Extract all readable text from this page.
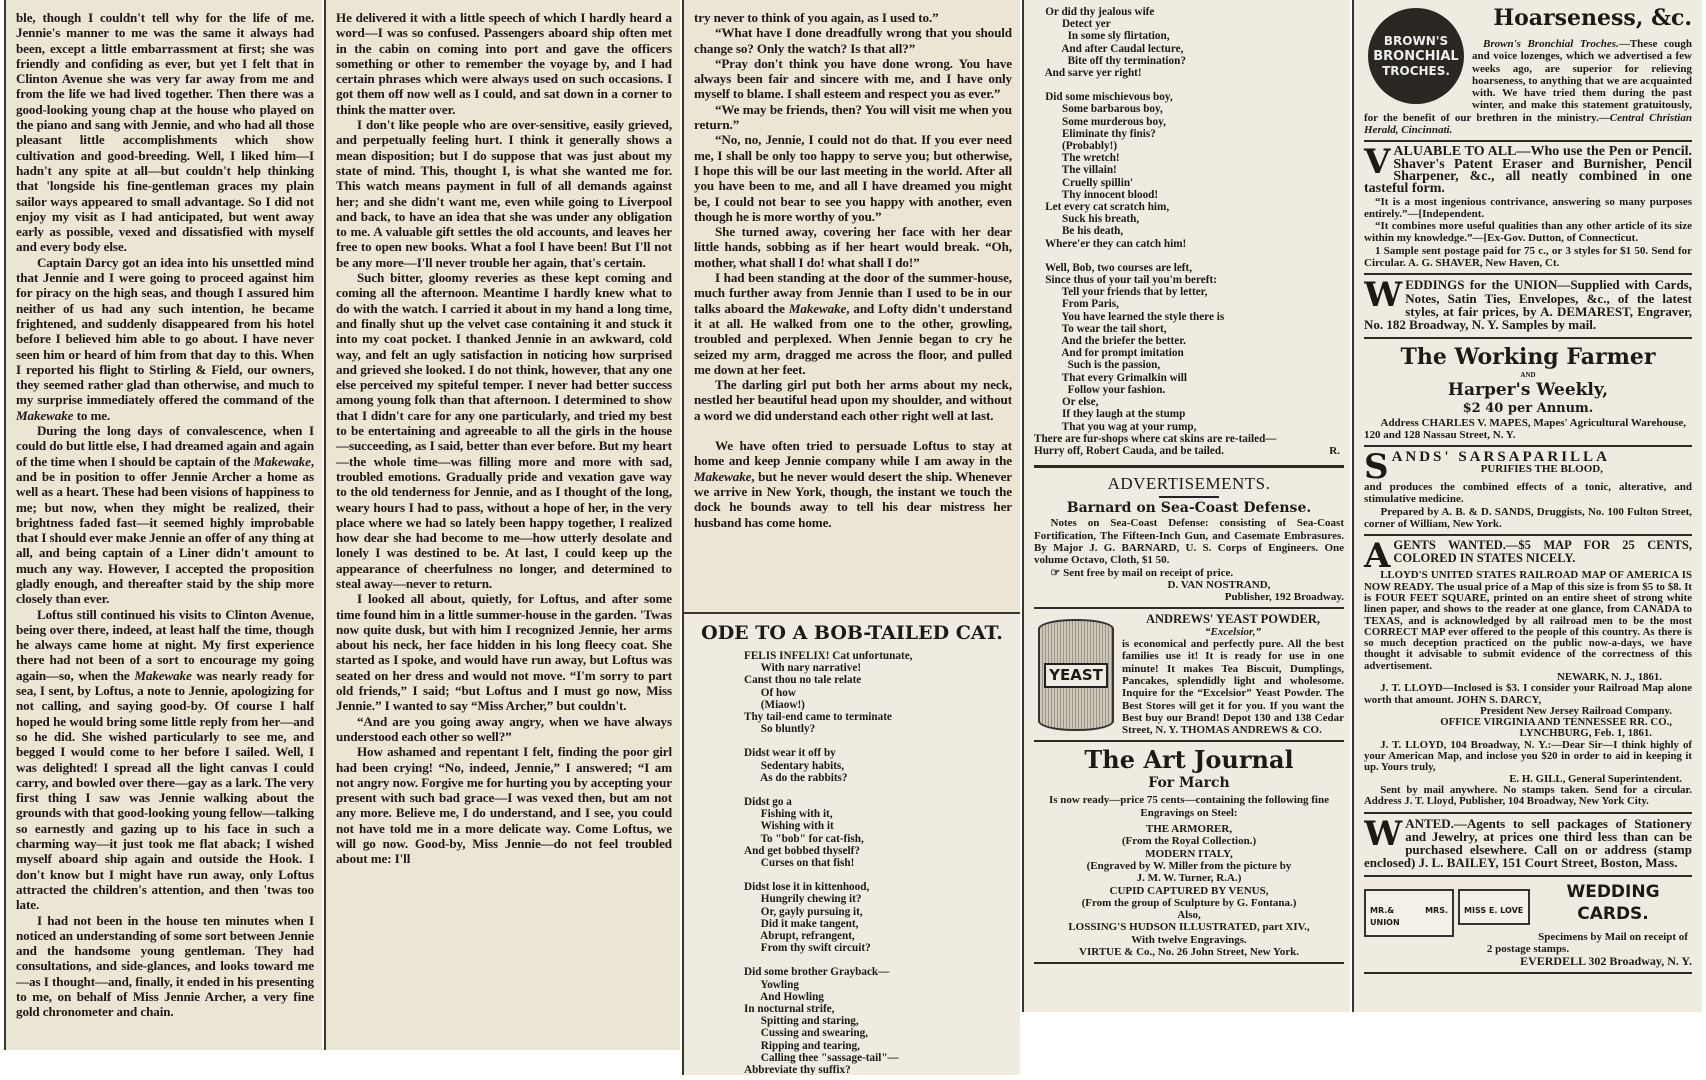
ble, though I couldn't tell why for the life of me. Jennie's manner to me was the same it always had been, except a little embarrassment at first; she was friendly and confiding as ever, but yet I felt that in Clinton Avenue she was very far away from me and from the life we had lived together. Then there was a good-looking young chap at the house who played on the piano and sang with Jennie, and who had all those pleasant little accomplishments which show cultivation and good-breeding. Well, I liked him—I hadn't any spite at all—but couldn't help thinking that 'longside his fine-gentleman graces my plain sailor ways appeared to small advantage. So I did not enjoy my visit as I had anticipated, but went away early as possible, vexed and dissatisfied with myself and every body else.

Captain Darcy got an idea into his unsettled mind that Jennie and I were going to proceed against him for piracy on the high seas, and though I assured him neither of us had any such intention, he became frightened, and suddenly disappeared from his hotel before I believed him able to go about. I have never seen him or heard of him from that day to this. When I reported his flight to Stirling & Field, our owners, they seemed rather glad than otherwise, and much to my surprise immediately offered the command of the Makewake to me.

During the long days of convalescence, when I could do but little else, I had dreamed again and again of the time when I should be captain of the Makewake, and be in position to offer Jennie Archer a home as well as a heart. These had been visions of happiness to me; but now, when they might be realized, their brightness faded fast—it seemed highly improbable that I should ever make Jennie an offer of any thing at all, and being captain of a Liner didn't amount to much any way. However, I accepted the proposition gladly enough, and thereafter staid by the ship more closely than ever.

Loftus still continued his visits to Clinton Avenue, being over there, indeed, at least half the time, though he always came home at night. My first experience there had not been of a sort to encourage my going again—so, when the Makewake was nearly ready for sea, I sent, by Loftus, a note to Jennie, apologizing for not calling, and saying good-by. Of course I half hoped he would bring some little reply from her—and so he did. She wished particularly to see me, and begged I would come to her before I sailed. Well, I was delighted! I spread all the light canvas I could carry, and bowled over there—gay as a lark. The very first thing I saw was Jennie walking about the grounds with that good-looking young fellow—talking so earnestly and gazing up to his face in such a charming way—it just took me flat aback; I wished myself aboard ship again and outside the Hook. I don't know but I might have run away, only Loftus attracted the children's attention, and then 'twas too late.

I had not been in the house ten minutes when I noticed an understanding of some sort between Jennie and the handsome young gentleman. They had consultations, and side-glances, and looks toward me—as I thought—and, finally, it ended in his presenting to me, on behalf of Miss Jennie Archer, a very fine gold chronometer and chain.

He delivered it with a little speech of which I hardly heard a word—I was so confused. Passengers aboard ship often met in the cabin on coming into port and gave the officers something or other to remember the voyage by, and I had certain phrases which were always used on such occasions. I got them off now well as I could, and sat down in a corner to think the matter over.

I don't like people who are over-sensitive, easily grieved, and perpetually feeling hurt. I think it generally shows a mean disposition; but I do suppose that was just about my state of mind. This, thought I, is what she wanted me for. This watch means payment in full of all demands against her; and she didn't want me, even while going to Liverpool and back, to have an idea that she was under any obligation to me. A valuable gift settles the old accounts, and leaves her free to open new books. What a fool I have been! But I'll not be any more—I'll never trouble her again, that's certain.

Such bitter, gloomy reveries as these kept coming and coming all the afternoon. Meantime I hardly knew what to do with the watch. I carried it about in my hand a long time, and finally shut up the velvet case containing it and stuck it into my coat pocket. I thanked Jennie in an awkward, cold way, and felt an ugly satisfaction in noticing how surprised and grieved she looked. I do not think, however, that any one else perceived my spiteful temper. I never had better success among young folk than that afternoon. I determined to show that I didn't care for any one particularly, and tried my best to be entertaining and agreeable to all the girls in the house—succeeding, as I said, better than ever before. But my heart—the whole time—was filling more and more with sad, troubled emotions. Gradually pride and vexation gave way to the old tenderness for Jennie, and as I thought of the long, weary hours I had to pass, without a hope of her, in the very place where we had so lately been happy together, I realized how dear she had become to me—how utterly desolate and lonely I was destined to be. At last, I could keep up the appearance of cheerfulness no longer, and determined to steal away—never to return.

I looked all about, quietly, for Loftus, and after some time found him in a little summer-house in the garden. 'Twas now quite dusk, but with him I recognized Jennie, her arms about his neck, her face hidden in his long fleecy coat. She started as I spoke, and would have run away, but Loftus was seated on her dress and would not move. “I'm sorry to part old friends,” I said; “but Loftus and I must go now, Miss Jennie.” I wanted to say “Miss Archer,” but couldn't.

“And are you going away angry, when we have always understood each other so well?”

How ashamed and repentant I felt, finding the poor girl had been crying! “No, indeed, Jennie,” I answered; “I am not angry now. Forgive me for hurting you by accepting your present with such bad grace—I was vexed then, but am not any more. Believe me, I do understand, and I see, you could not have told me in a more delicate way. Come Loftus, we will go now. Good-by, Miss Jennie—do not feel troubled about me: I'll

try never to think of you again, as I used to.”

“What have I done dreadfully wrong that you should change so? Only the watch? Is that all?”

“Pray don't think you have done wrong. You have always been fair and sincere with me, and I have only myself to blame. I shall esteem and respect you as ever.”

“We may be friends, then? You will visit me when you return.”

“No, no, Jennie, I could not do that. If you ever need me, I shall be only too happy to serve you; but otherwise, I hope this will be our last meeting in the world. After all you have been to me, and all I have dreamed you might be, I could not bear to see you happy with another, even though he is more worthy of you.”

She turned away, covering her face with her dear little hands, sobbing as if her heart would break. “Oh, mother, what shall I do! what shall I do!”

I had been standing at the door of the summer-house, much further away from Jennie than I used to be in our talks aboard the Makewake, and Lofty didn't understand it at all. He walked from one to the other, growling, troubled and perplexed. When Jennie began to cry he seized my arm, dragged me across the floor, and pulled me down at her feet.

The darling girl put both her arms about my neck, nestled her beautiful head upon my shoulder, and without a word we did understand each other right well at last.

We have often tried to persuade Loftus to stay at home and keep Jennie company while I am away in the Makewake, but he never would desert the ship. Whenever we arrive in New York, though, the instant we touch the dock he bounds away to tell his dear mistress her husband has come home.

ODE TO A BOB-TAILED CAT.
FELIS INFELIX! Cat unfortunate,
With nary narrative!
Canst thou no tale relate
Of how
(Miaow!)
Thy tail-end came to terminate
So bluntly?
Didst wear it off by
Sedentary habits,
As do the rabbits?
Didst go a
Fishing with it,
Wishing with it
To "bob" for cat-fish,
And get bobbed thyself?
Curses on that fish!
Didst lose it in kittenhood,
Hungrily chewing it?
Or, gayly pursuing it,
Did it make tangent,
Abrupt, refrangent,
From thy swift circuit?
Did some brother Grayback—
Yowling
And Howling
In nocturnal strife,
Spitting and staring,
Cussing and swearing,
Ripping and tearing,
Calling thee "sassage-tail"—
Abbreviate thy suffix?
Or did thy jealous wife
Detect yer
In some sly flirtation,
And after Caudal lecture,
Bite off thy termination?
And sarve yer right!
Did some mischievous boy,
Some barbarous boy,
Some murderous boy,
Eliminate thy finis?
(Probably!)
The wretch!
The villain!
Cruelly spillin'
Thy innocent blood!
Let every cat scratch him,
Suck his breath,
Be his death,
Where'er they can catch him!
Well, Bob, two courses are left,
Since thus of your tail you'm bereft:
Tell your friends that by letter,
From Paris,
You have learned the style there is
To wear the tail short,
And the briefer the better.
And for prompt imitation
Such is the passion,
That every Grimalkin will
Follow your fashion.
Or else,
If they laugh at the stump
That you wag at your rump,
There are fur-shops where cat skins are re-tailed—
Hurry off, Robert Cauda, and be tailed.	R.
ADVERTISEMENTS.
Barnard on Sea-Coast Defense.

Notes on Sea-Coast Defense: consisting of Sea-Coast Fortification, The Fifteen-Inch Gun, and Casemate Embrasures. By Major J. G. BARNARD, U. S. Corps of Engineers. One volume Octavo, Cloth, $1 50.

☞ Sent free by mail on receipt of price.

D. VAN NOSTRAND,

Publisher, 192 Broadway.

YEAST
ANDREWS' YEAST POWDER,
“Excelsior,”

is economical and perfectly pure. All the best families use it! It is ready for use in one minute! It makes Tea Biscuit, Dumplings, Pancakes, splendidly light and wholesome. Inquire for the “Excelsior” Yeast Powder. The Best Stores will get it for you. If you want the Best buy our Brand! Depot 130 and 138 Cedar Street, N. Y. THOMAS ANDREWS & CO.

The Art Journal
For March

Is now ready—price 75 cents—containing the following fine Engravings on Steel:

THE ARMORER,
(From the Royal Collection.)
MODERN ITALY,
(Engraved by W. Miller from the picture by
J. M. W. Turner, R.A.)
CUPID CAPTURED BY VENUS,
(From the group of Sculpture by G. Fontana.)
Also,
LOSSING'S HUDSON ILLUSTRATED, part XIV.,
With twelve Engravings.
VIRTUE & Co., No. 26 John Street, New York.
BROWN'S
BRONCHIAL
TROCHES.
Hoarseness, &c.

Brown's Bronchial Troches.—These cough and voice lozenges, which we advertised a few weeks ago, are superior for relieving hoarseness, to anything that we are acquainted with. We have tried them during the past winter, and make this statement gratuitously, for the benefit of our brethren in the ministry.—Central Christian Herald, Cincinnati.

VALUABLE TO ALL—Who use the Pen or Pencil. Shaver's Patent Eraser and Burnisher, Pencil Sharpener, &c., all neatly combined in one tasteful form.

“It is a most ingenious contrivance, answering so many purposes entirely.”—[Independent.

“It combines more useful qualities than any other article of its size within my knowledge.”—[Ex-Gov. Dutton, of Connecticut.

1 Sample sent postage paid for 75 c., or 3 styles for $1 50. Send for Circular. A. G. SHAVER, New Haven, Ct.

WEDDINGS for the UNION—Supplied with Cards, Notes, Satin Ties, Envelopes, &c., of the latest styles, at fair prices, by A. DEMAREST, Engraver, No. 182 Broadway, N. Y. Samples by mail.

The Working Farmer
AND
Harper's Weekly,
$2 40 per Annum.

Address CHARLES V. MAPES, Mapes' Agricultural Warehouse, 120 and 128 Nassau Street, N. Y.

S ANDS' SARSAPARILLA
PURIFIES THE BLOOD,

and produces the combined effects of a tonic, alterative, and stimulative medicine.

Prepared by A. B. & D. SANDS, Druggists, No. 100 Fulton Street, corner of William, New York.

AGENTS WANTED.—$5 MAP FOR 25 CENTS, COLORED IN STATES NICELY.

LLOYD'S UNITED STATES RAILROAD MAP OF AMERICA IS NOW READY. The usual price of a Map of this size is from $5 to $8. It is FOUR FEET SQUARE, printed on an entire sheet of strong white linen paper, and shows to the reader at one glance, from CANADA to TEXAS, and is acknowledged by all railroad men to be the most CORRECT MAP ever offered to the people of this country. As there is so much deception practiced on the public now-a-days, we have thought it advisable to submit evidence of the correctness of this advertisement.

NEWARK, N. J., 1861.

J. T. LLOYD—Inclosed is $3. I consider your Railroad Map alone worth that amount. JOHN S. DARCY,

President New Jersey Railroad Company.

OFFICE VIRGINIA AND TENNESSEE RR. CO.,

LYNCHBURG, Feb. 1, 1861.

J. T. LLOYD, 104 Broadway, N. Y.:—Dear Sir—I think highly of your American Map, and inclose you $20 in order to aid in keeping it up. Yours truly,

E. H. GILL, General Superintendent.

Sent by mail anywhere. No stamps taken. Send for a circular. Address J. T. Lloyd, Publisher, 104 Broadway, New York City.

WANTED.—Agents to sell packages of Stationery and Jewelry, at prices one third less than can be purchased elsewhere. Call on or address (stamp enclosed) J. L. BAILEY, 151 Court Street, Boston, Mass.

MR.& MRS. UNIONMISS E. LOVE
WEDDING CARDS.

Specimens by Mail on receipt of 2 postage stamps.

EVERDELL 302 Broadway, N. Y.
